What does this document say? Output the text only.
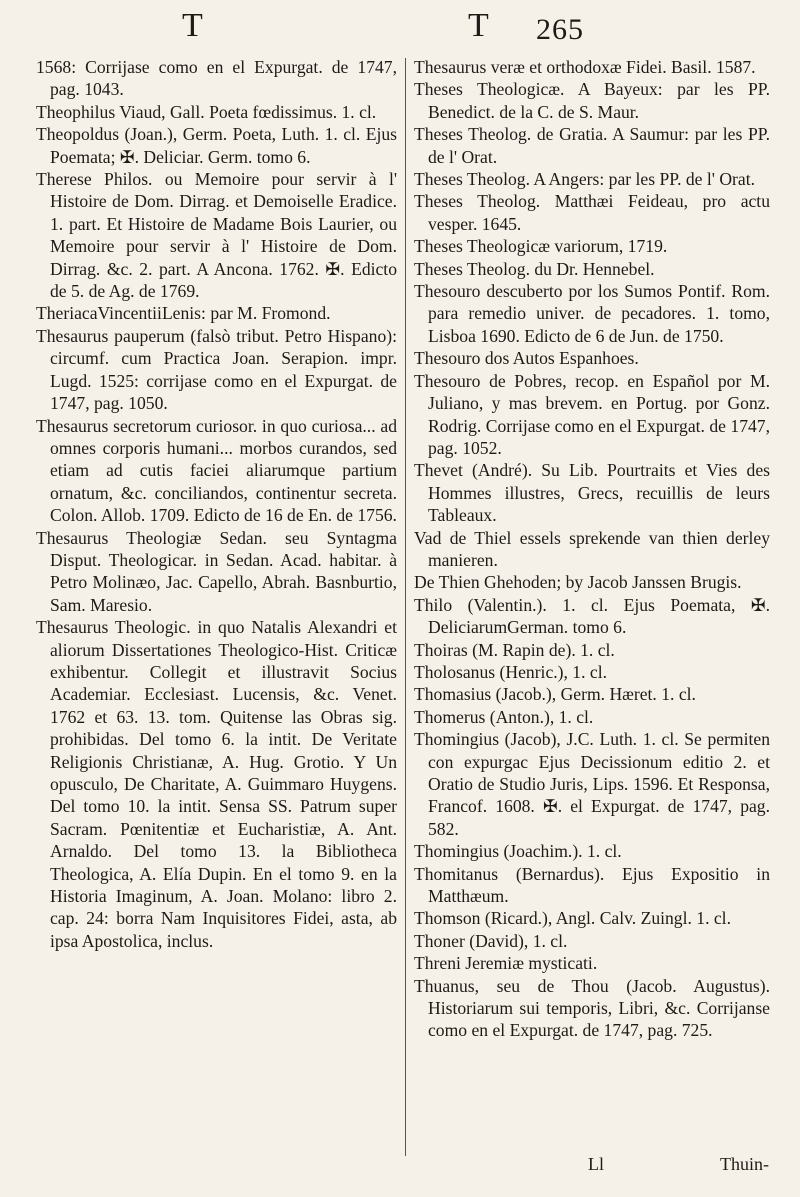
T	T 265

1568: Corrijase como en el Expurgat. de 1747, pag. 1043.

Theophilus Viaud, Gall. Poeta fœdissimus. 1. cl.

Theopoldus (Joan.), Germ. Poeta, Luth. 1. cl. Ejus Poemata; ✠. Deliciar. Germ. tomo 6.

Therese Philos. ou Memoire pour servir à l' Histoire de Dom. Dirrag. et Demoiselle Eradice. 1. part. Et Histoire de Madame Bois Laurier, ou Memoire pour servir à l' Histoire de Dom. Dirrag. &c. 2. part. A Ancona. 1762. ✠. Edicto de 5. de Ag. de 1769.

TheriacaVincentiiLenis: par M. Fromond.

Thesaurus pauperum (falsò tribut. Petro Hispano): circumf. cum Practica Joan. Serapion. impr. Lugd. 1525: corrijase como en el Expurgat. de 1747, pag. 1050.

Thesaurus secretorum curiosor. in quo curiosa... ad omnes corporis humani... morbos curandos, sed etiam ad cutis faciei aliarumque partium ornatum, &c. conciliandos, continentur secreta. Colon. Allob. 1709. Edicto de 16 de En. de 1756.

Thesaurus Theologiæ Sedan. seu Syntagma Disput. Theologicar. in Sedan. Acad. habitar. à Petro Molinæo, Jac. Capello, Abrah. Basnburtio, Sam. Maresio.

Thesaurus Theologic. in quo Natalis Alexandri et aliorum Dissertationes Theologico-Hist. Criticæ exhibentur. Collegit et illustravit Socius Academiar. Ecclesiast. Lucensis, &c. Venet. 1762 et 63. 13. tom. Quitense las Obras sig. prohibidas. Del tomo 6. la intit. De Veritate Religionis Christianæ, A. Hug. Grotio. Y Un opusculo, De Charitate, A. Guimmaro Huygens. Del tomo 10. la intit. Sensa SS. Patrum super Sacram. Pœnitentiæ et Eucharistiæ, A. Ant. Arnaldo. Del tomo 13. la Bibliotheca Theologica, A. Elía Dupin. En el tomo 9. en la Historia Imaginum, A. Joan. Molano: libro 2. cap. 24: borra Nam Inquisitores Fidei, asta, ab ipsa Apostolica, inclus.

Thesaurus veræ et orthodoxæ Fidei. Basil. 1587.

Theses Theologicæ. A Bayeux: par les PP. Benedict. de la C. de S. Maur.

Theses Theolog. de Gratia. A Saumur: par les PP. de l' Orat.

Theses Theolog. A Angers: par les PP. de l' Orat.

Theses Theolog. Matthæi Feideau, pro actu vesper. 1645.

Theses Theologicæ variorum, 1719.

Theses Theolog. du Dr. Hennebel.

Thesouro descuberto por los Sumos Pontif. Rom. para remedio univer. de pecadores. 1. tomo, Lisboa 1690. Edicto de 6 de Jun. de 1750.

Thesouro dos Autos Espanhoes.

Thesouro de Pobres, recop. en Español por M. Juliano, y mas brevem. en Portug. por Gonz. Rodrig. Corrijase como en el Expurgat. de 1747, pag. 1052.

Thevet (André). Su Lib. Pourtraits et Vies des Hommes illustres, Grecs, recuillis de leurs Tableaux.

Vad de Thiel essels sprekende van thien derley manieren.

De Thien Ghehoden; by Jacob Janssen Brugis.

Thilo (Valentin.). 1. cl. Ejus Poemata, ✠. DeliciarumGerman. tomo 6.

Thoiras (M. Rapin de). 1. cl.

Tholosanus (Henric.), 1. cl.

Thomasius (Jacob.), Germ. Hæret. 1. cl.

Thomerus (Anton.), 1. cl.

Thomingius (Jacob), J.C. Luth. 1. cl. Se permiten con expurgac Ejus Decissionum editio 2. et Oratio de Studio Juris, Lips. 1596. Et Responsa, Francof. 1608. ✠. el Expurgat. de 1747, pag. 582.

Thomingius (Joachim.). 1. cl.

Thomitanus (Bernardus). Ejus Expositio in Matthæum.

Thomson (Ricard.), Angl. Calv. Zuingl. 1. cl.

Thoner (David), 1. cl.

Threni Jeremiæ mysticati.

Thuanus, seu de Thou (Jacob. Augustus). Historiarum sui temporis, Libri, &c. Corrijanse como en el Expurgat. de 1747, pag. 725.

Ll	Thuin-
